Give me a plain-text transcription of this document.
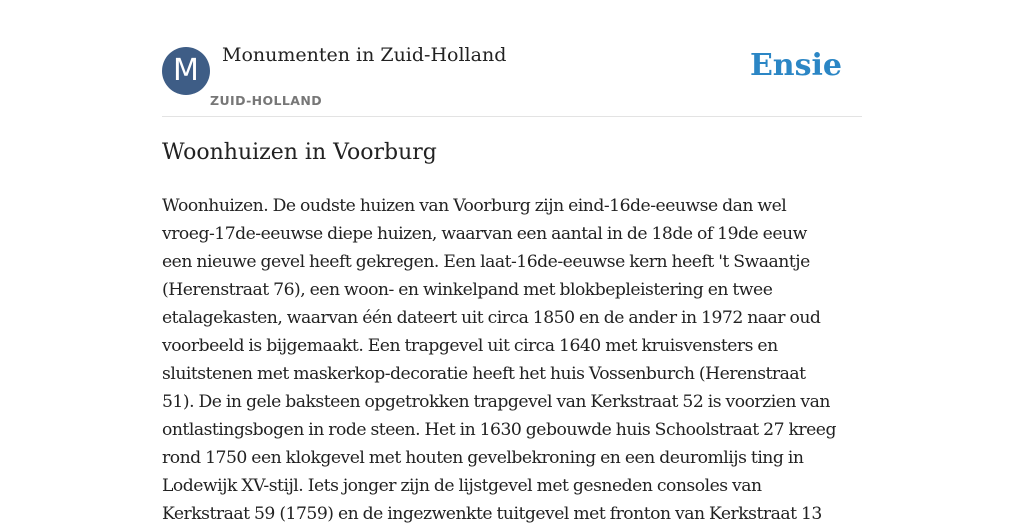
M	Monumenten in Zuid-Holland
ZUID-HOLLAND
Ensie
Woonhuizen in Voorburg
Woonhuizen. De oudste huizen van Voorburg zijn eind-16de-eeuwse dan wel
vroeg-17de-eeuwse diepe huizen, waarvan een aantal in de 18de of 19de eeuw
een nieuwe gevel heeft gekregen. Een laat-16de-eeuwse kern heeft 't Swaantje
(Herenstraat 76), een woon- en winkelpand met blokbepleistering en twee
etalagekasten, waarvan één dateert uit circa 1850 en de ander in 1972 naar oud
voorbeeld is bijgemaakt. Een trapgevel uit circa 1640 met kruisvensters en
sluitstenen met maskerkop-decoratie heeft het huis Vossenburch (Herenstraat
51). De in gele baksteen opgetrokken trapgevel van Kerkstraat 52 is voorzien van
ontlastingsbogen in rode steen. Het in 1630 gebouwde huis Schoolstraat 27 kreeg
rond 1750 een klokgevel met houten gevelbekroning en een deuromlijs ting in
Lodewijk XV-stijl. Iets jonger zijn de lijstgevel met gesneden consoles van
Kerkstraat 59 (1759) en de ingezwenkte tuitgevel met fronton van Kerkstraat 13
